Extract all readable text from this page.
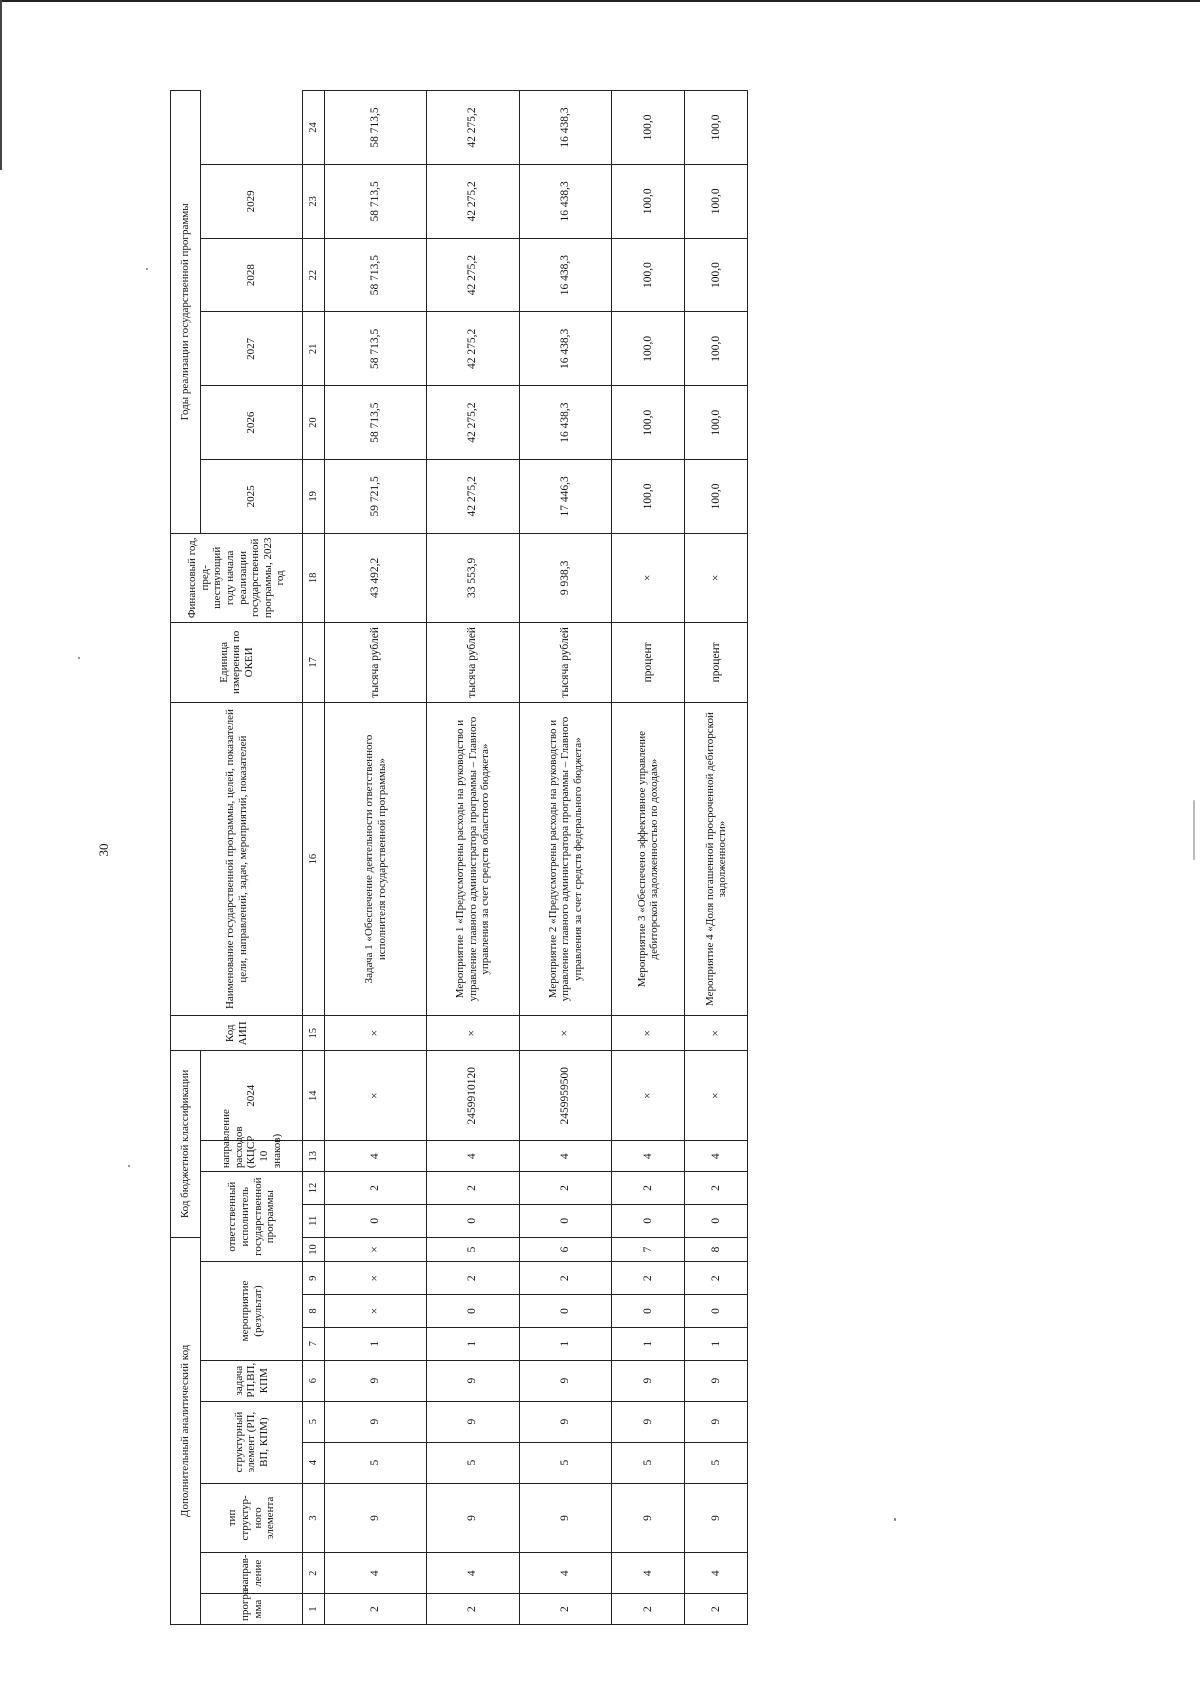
30
Дополнительный аналитический код										Код бюджетной классификации				Код АИП	Наименование государственной программы, целей, показателей цели, направлений, задач, мероприятий, показателей	Единица измерения по ОКЕИ	Финансовый год, пред-шествующий году начала реализации государственной программы, 2023 год	Годы реализации государственной программы					
програ-мма	направ-ление	тип структур-ного элемента	структурный элемент (РП, ВП, КПМ)		задача РП,ВП, КПМ	мероприятие (результат)			ответственный исполнитель государственной программы			направление расходов (КЦСР 10 знаков)	2024					2025	2026	2027	2028	2029	

1	2	3	4	5	6	7	8	9	10	11	12	13	14	15	16	17	18	19	20	21	22	23	24
2	4	9	5	9	9	1	×	×	×	0	2	4	×	×	Задача 1 «Обеспечение деятельности ответственного исполнителя государственной программы»	тысяча рублей	43 492,2	59 721,5	58 713,5	58 713,5	58 713,5	58 713,5	58 713,5
2	4	9	5	9	9	1	0	2	5	0	2	4	2459910120	×	Мероприятие 1 «Предусмотрены расходы на руководство и управление главного администратора программы – Главного управления за счет средств областного бюджета»	тысяча рублей	33 553,9	42 275,2	42 275,2	42 275,2	42 275,2	42 275,2	42 275,2
2	4	9	5	9	9	1	0	2	6	0	2	4	2459959500	×	Мероприятие 2 «Предусмотрены расходы на руководство и управление главного администратора программы – Главного управления за счет средств федерального бюджета»	тысяча рублей	9 938,3	17 446,3	16 438,3	16 438,3	16 438,3	16 438,3	16 438,3
2	4	9	5	9	9	1	0	2	7	0	2	4	×	×	Мероприятие 3 «Обеспечено эффективное управление дебиторской задолженностью по доходам»	процент	×	100,0	100,0	100,0	100,0	100,0	100,0
2	4	9	5	9	9	1	0	2	8	0	2	4	×	×	Мероприятие 4 «Доля погашенной просроченной дебиторской задолженности»	процент	×	100,0	100,0	100,0	100,0	100,0	100,0
